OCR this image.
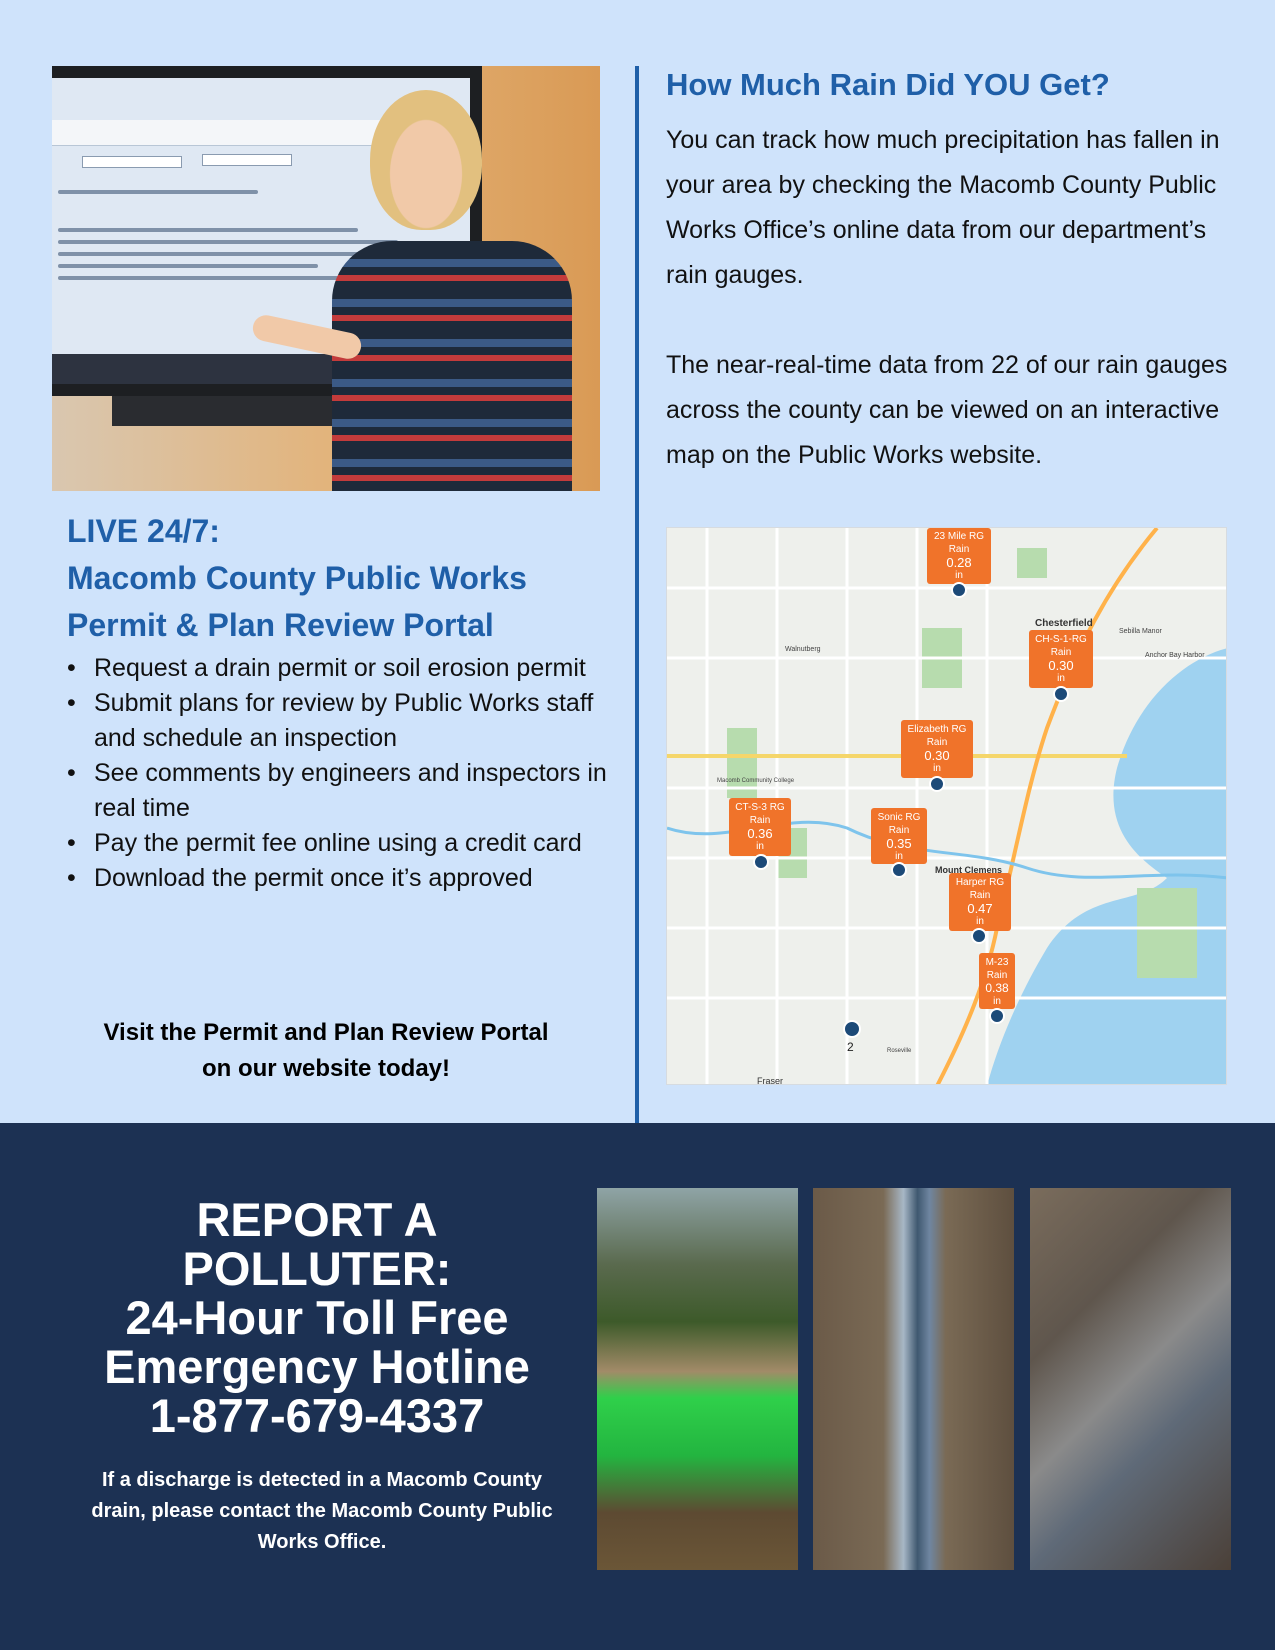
LIVE 24/7:
Macomb County Public Works
Permit & Plan Review Portal
• Request a drain permit or soil erosion permit
• Submit plans for review by Public Works staff and schedule an inspection
• See comments by engineers and inspectors in real time
• Pay the permit fee online using a credit card
• Download the permit once it’s approved
Visit the Permit and Plan Review Portal
on our website today!
How Much Rain Did YOU Get?

You can track how much precipitation has fallen in your area by checking the Macomb County Public Works Office’s online data from our department’s rain gauges.

The near-real-time data from 22 of our rain gauges across the county can be viewed on an interactive map on the Public Works website.

23 Mile RG
Rain
0.28
in
CH-S-1-RG
Rain
0.30
in
Elizabeth RG
Rain
0.30
in
CT-S-3 RG
Rain
0.36
in
Sonic RG
Rain
0.35
in
Harper RG
Rain
0.47
in
M-23
Rain
0.38
in
2
Chesterfield
Mount Clemens
Fraser
Sebilla Manor
Anchor Bay Harbor
Walnutberg
Macomb Community College
Roseville
REPORT A
POLLUTER:
24-Hour Toll Free
Emergency Hotline
1-877-679-4337
If a discharge is detected in a Macomb County drain, please contact the Macomb County Public Works Office.
